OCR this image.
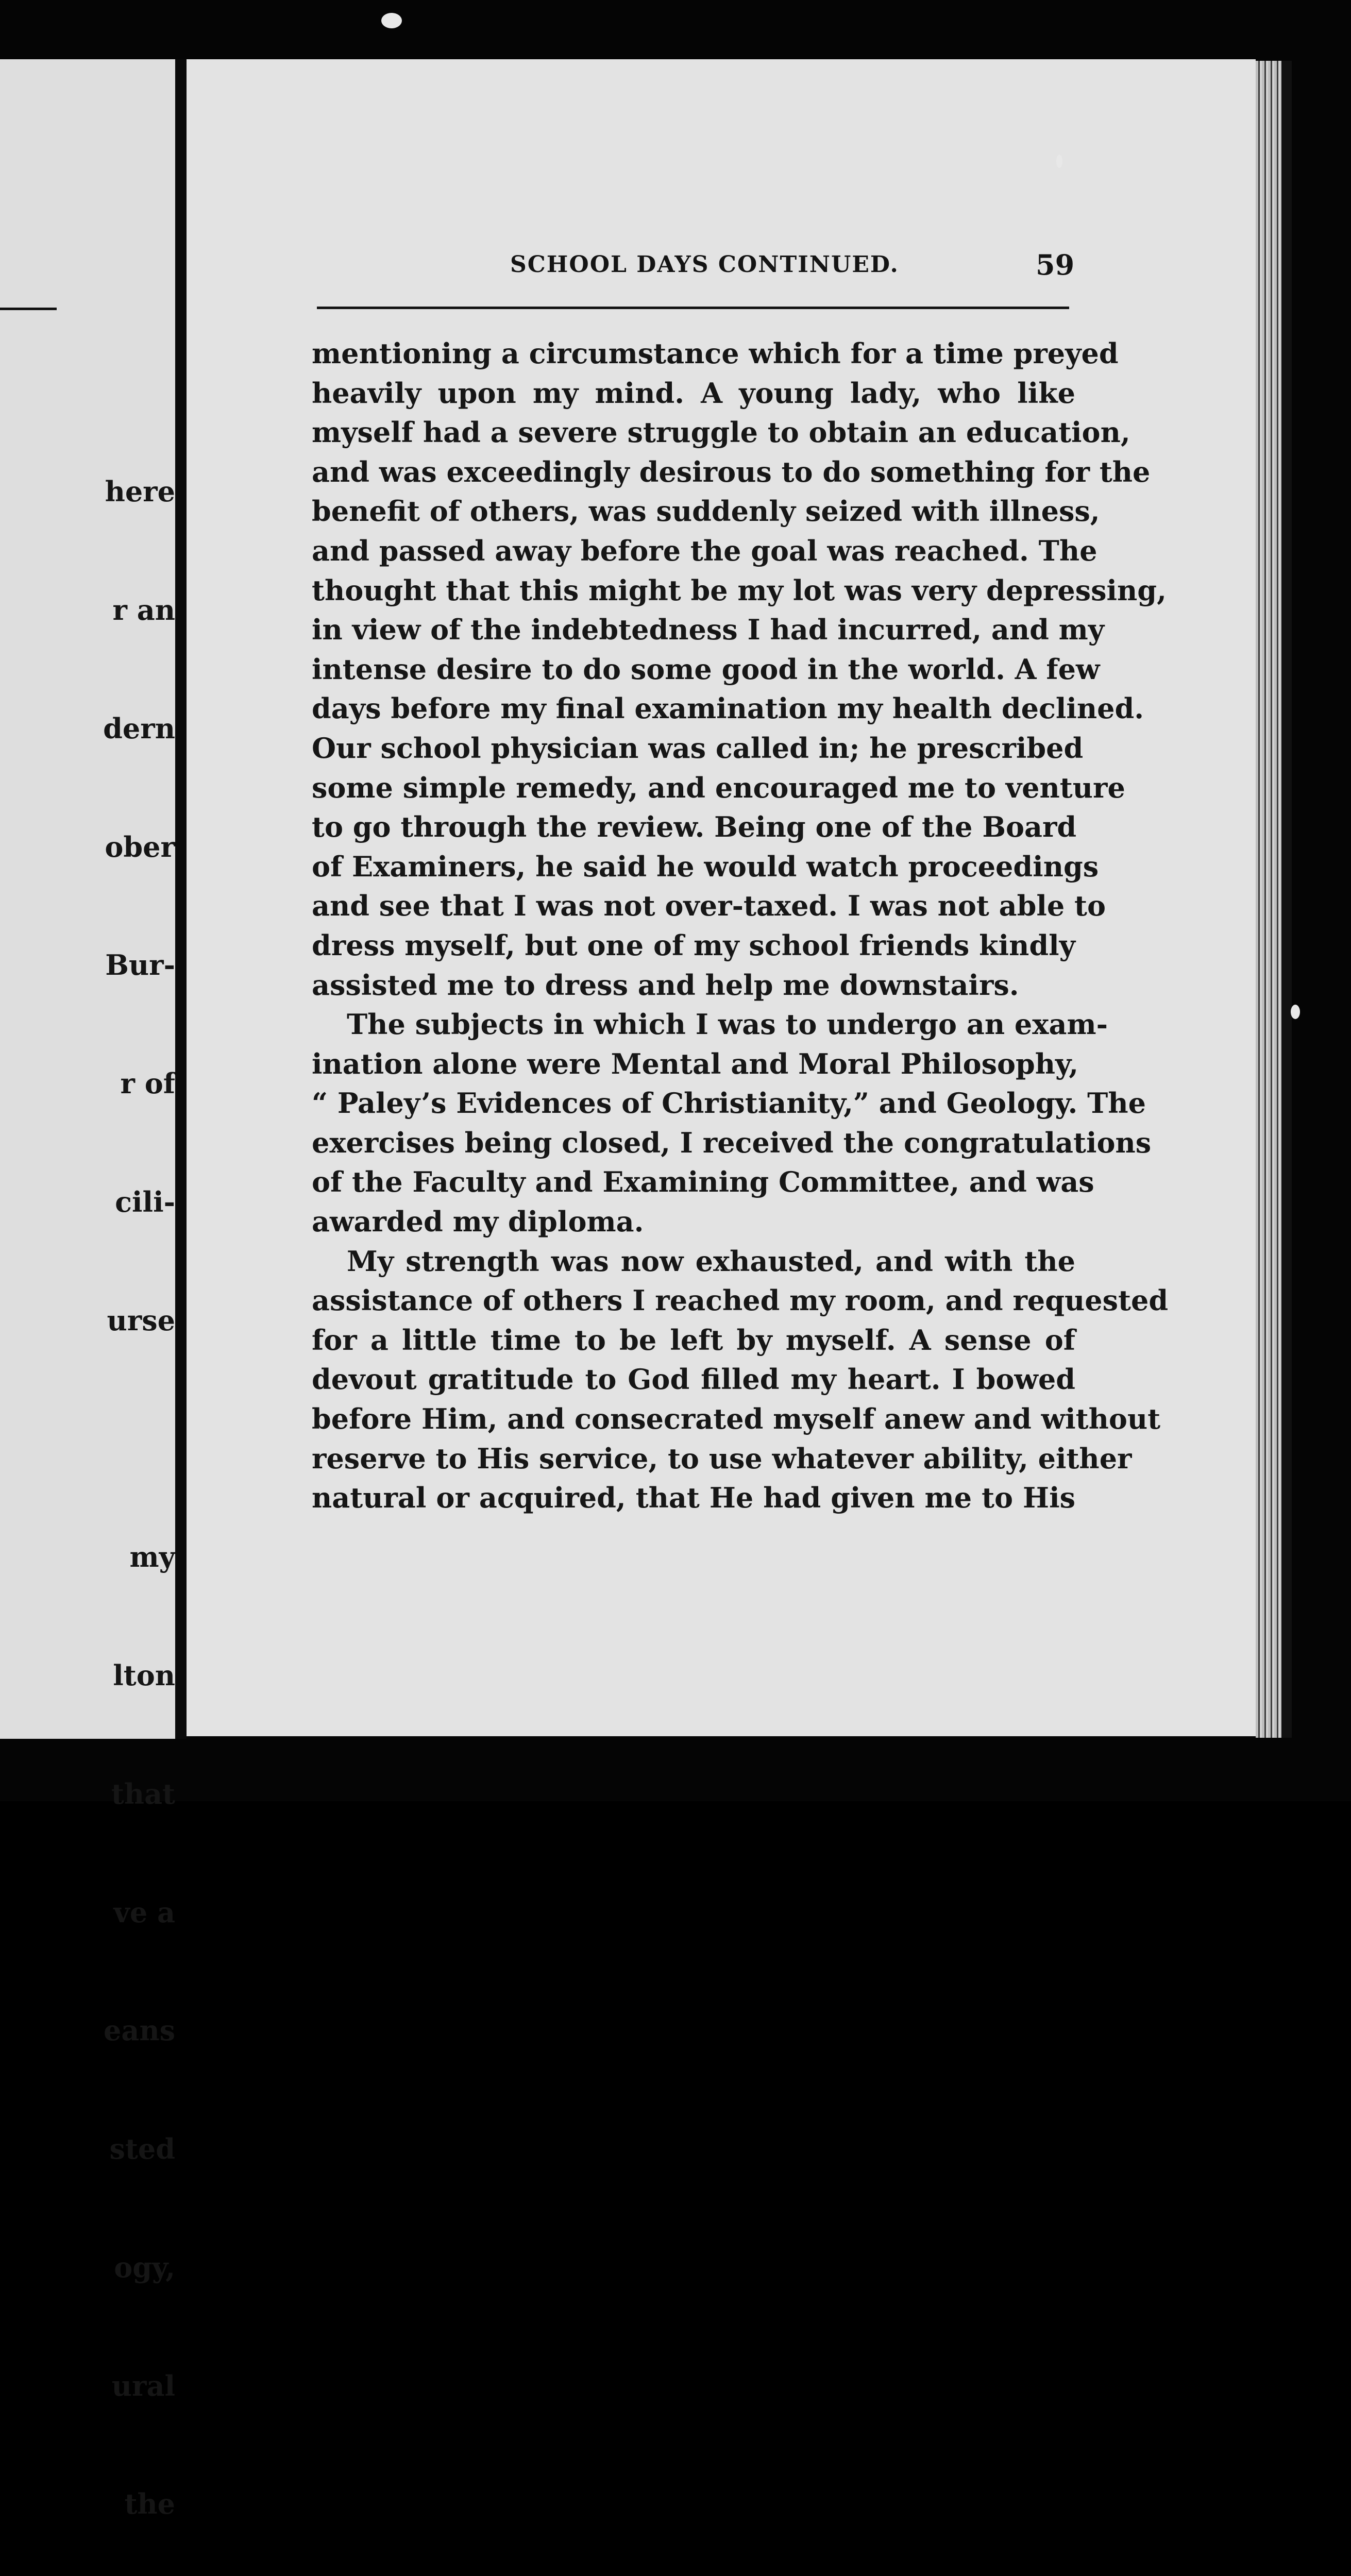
here

r an

dern

ober

Bur-

r of

cili-

urse

my

lton

that

ve a

eans

sted

ogy,

ural

the

SCHOOL DAYS CONTINUED.	59
mentioning a circumstance which for a time preyed
heavily upon my mind. A young lady, who like
myself had a severe struggle to obtain an education,
and was exceedingly desirous to do something for the
benefit of others, was suddenly seized with illness,
and passed away before the goal was reached. The
thought that this might be my lot was very depressing,
in view of the indebtedness I had incurred, and my
intense desire to do some good in the world. A few
days before my final examination my health declined.
Our school physician was called in; he prescribed
some simple remedy, and encouraged me to venture
to go through the review. Being one of the Board
of Examiners, he said he would watch proceedings
and see that I was not over-taxed. I was not able to
dress myself, but one of my school friends kindly
assisted me to dress and help me downstairs.
The subjects in which I was to undergo an exam-
ination alone were Mental and Moral Philosophy,
“ Paley’s Evidences of Christianity,” and Geology. The
exercises being closed, I received the congratulations
of the Faculty and Examining Committee, and was
awarded my diploma.
My strength was now exhausted, and with the
assistance of others I reached my room, and requested
for a little time to be left by myself. A sense of
devout gratitude to God filled my heart. I bowed
before Him, and consecrated myself anew and without
reserve to His service, to use whatever ability, either
natural or acquired, that He had given me to His
